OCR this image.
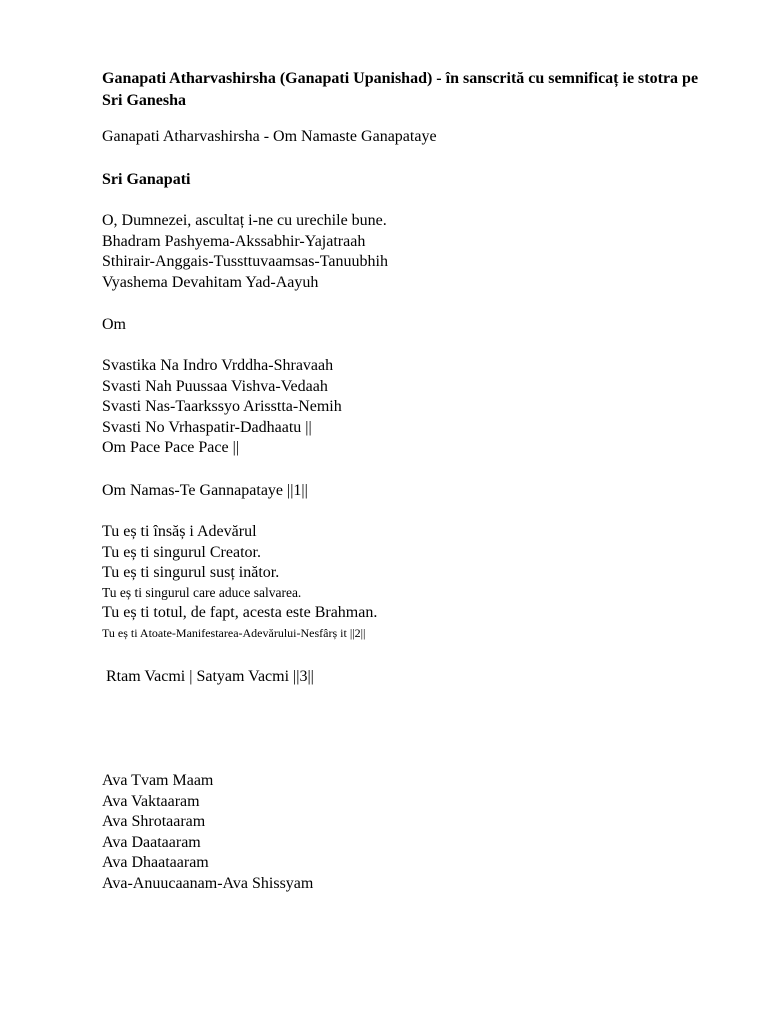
Ganapati Atharvashirsha (Ganapati Upanishad) - în sanscrită cu semnificaț ie stotra pe Sri Ganesha

Ganapati Atharvashirsha - Om Namaste Ganapataye
Sri Ganapati
O, Dumnezei, ascultaț i-ne cu urechile bune.
Bhadram Pashyema-Akssabhir-Yajatraah
Sthirair-Anggais-Tussttuvaamsas-Tanuubhih
Vyashema Devahitam Yad-Aayuh
Om
Svastika Na Indro Vrddha-Shravaah
Svasti Nah Puussaa Vishva-Vedaah
Svasti Nas-Taarkssyo Arisstta-Nemih
Svasti No Vrhaspatir-Dadhaatu ||
Om Pace Pace Pace ||
Om Namas-Te Gannapataye ||1||
Tu eș ti însăș i Adevărul
Tu eș ti singurul Creator.
Tu eș ti singurul susț inător.
Tu eș ti singurul care aduce salvarea.
Tu eș ti totul, de fapt, acesta este Brahman.
Tu eș ti Atoate-Manifestarea-Adevărului-Nesfârș it ||2||
Rtam Vacmi | Satyam Vacmi ||3||
Ava Tvam Maam
Ava Vaktaaram
Ava Shrotaaram
Ava Daataaram
Ava Dhaataaram
Ava-Anuucaanam-Ava Shissyam
